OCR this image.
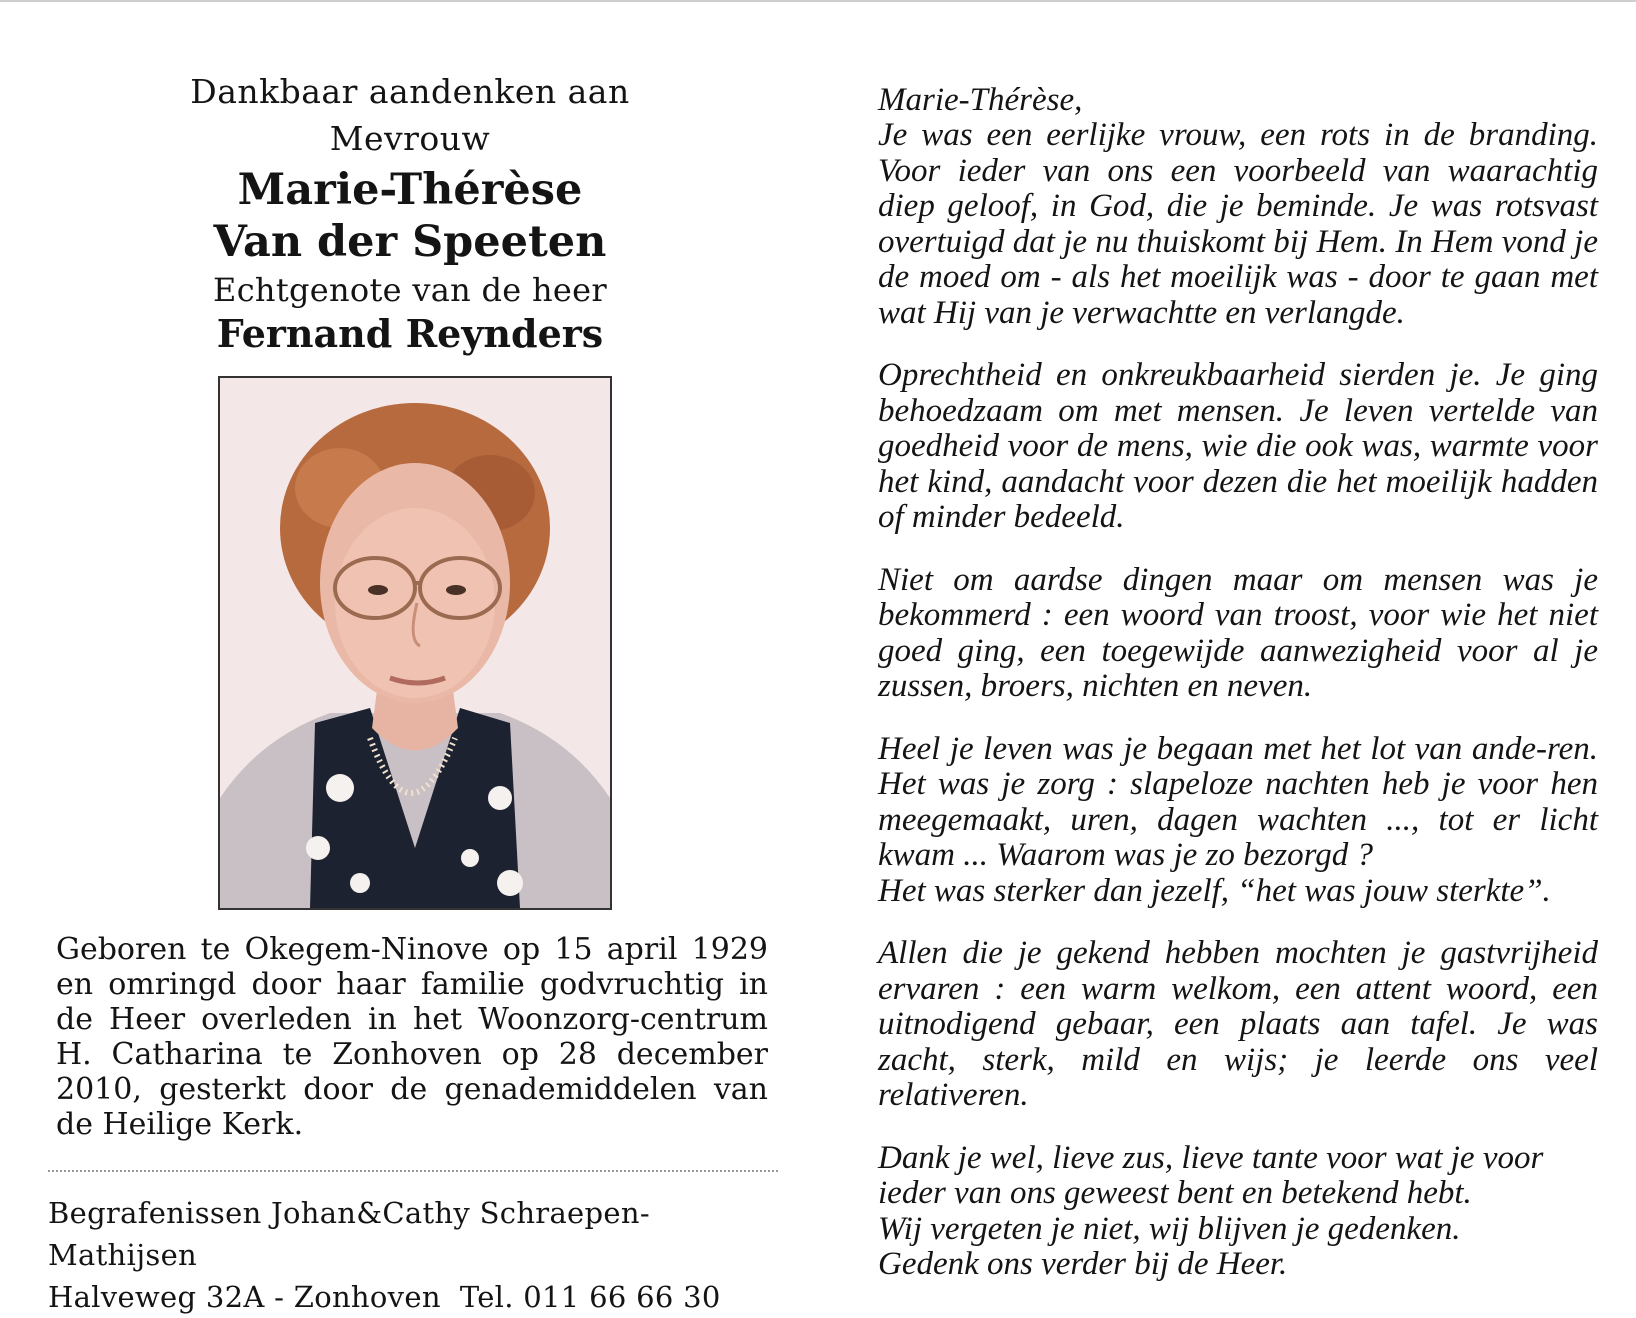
Dankbaar aandenken aan

Mevrouw

Marie-Thérèse

Van der Speeten

Echtgenote van de heer

Fernand Reynders

Geboren te Okegem-Ninove op 15 april 1929 en omringd door haar familie godvruchtig in de Heer overleden in het Woonzorg-centrum H. Catharina te Zonhoven op 28 december 2010, gesterkt door de genademiddelen van de Heilige Kerk.

Begrafenissen Johan&Cathy Schraepen-Mathijsen
Halveweg 32A - Zonhoven  Tel. 011 66 66 30

Marie-Thérèse,

Je was een eerlijke vrouw, een rots in de branding. Voor ieder van ons een voorbeeld van waarachtig diep geloof, in God, die je beminde. Je was rotsvast overtuigd dat je nu thuiskomt bij Hem. In Hem vond je de moed om - als het moeilijk was - door te gaan met wat Hij van je verwachtte en verlangde.

Oprechtheid en onkreukbaarheid sierden je. Je ging behoedzaam om met mensen. Je leven vertelde van goedheid voor de mens, wie die ook was, warmte voor het kind, aandacht voor dezen die het moeilijk hadden of minder bedeeld.

Niet om aardse dingen maar om mensen was je bekommerd : een woord van troost, voor wie het niet goed ging, een toegewijde aanwezigheid voor al je zussen, broers, nichten en neven.

Heel je leven was je begaan met het lot van ande-ren. Het was je zorg : slapeloze nachten heb je voor hen meegemaakt, uren, dagen wachten ..., tot er licht kwam ... Waarom was je zo bezorgd ?

Het was sterker dan jezelf, “het was jouw sterkte”.

Allen die je gekend hebben mochten je gastvrijheid ervaren : een warm welkom, een attent woord, een uitnodigend gebaar, een plaats aan tafel. Je was zacht, sterk, mild en wijs; je leerde ons veel relativeren.

Dank je wel, lieve zus, lieve tante voor wat je voor

ieder van ons geweest bent en betekend hebt.

Wij vergeten je niet, wij blijven je gedenken.

Gedenk ons verder bij de Heer.
